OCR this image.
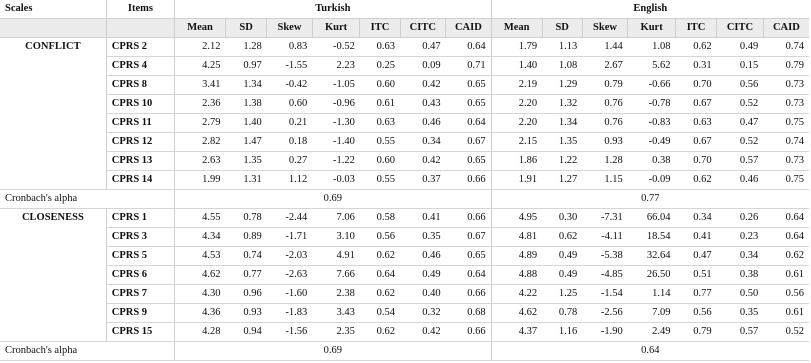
Scales	Items	Turkish							English						
		Mean	SD	Skew	Kurt	ITC	CITC	CAID	Mean	SD	Skew	Kurt	ITC	CITC	CAID
CONFLICT	CPRS 2	2.12	1.28	0.83	-0.52	0.63	0.47	0.64	1.79	1.13	1.44	1.08	0.62	0.49	0.74
	CPRS 4	4.25	0.97	-1.55	2.23	0.25	0.09	0.71	1.40	1.08	2.67	5.62	0.31	0.15	0.79
	CPRS 8	3.41	1.34	-0.42	-1.05	0.60	0.42	0.65	2.19	1.29	0.79	-0.66	0.70	0.56	0.73
	CPRS 10	2.36	1.38	0.60	-0.96	0.61	0.43	0.65	2.20	1.32	0.76	-0.78	0.67	0.52	0.73
	CPRS 11	2.79	1.40	0.21	-1.30	0.63	0.46	0.64	2.20	1.34	0.76	-0.83	0.63	0.47	0.75
	CPRS 12	2.82	1.47	0.18	-1.40	0.55	0.34	0.67	2.15	1.35	0.93	-0.49	0.67	0.52	0.74
	CPRS 13	2.63	1.35	0.27	-1.22	0.60	0.42	0.65	1.86	1.22	1.28	0.38	0.70	0.57	0.73
	CPRS 14	1.99	1.31	1.12	-0.03	0.55	0.37	0.66	1.91	1.27	1.15	-0.09	0.62	0.46	0.75
Cronbach's alpha		0.69							0.77						
CLOSENESS	CPRS 1	4.55	0.78	-2.44	7.06	0.58	0.41	0.66	4.95	0.30	-7.31	66.04	0.34	0.26	0.64
	CPRS 3	4.34	0.89	-1.71	3.10	0.56	0.35	0.67	4.81	0.62	-4.11	18.54	0.41	0.23	0.64
	CPRS 5	4.53	0.74	-2.03	4.91	0.62	0.46	0.65	4.89	0.49	-5.38	32.64	0.47	0.34	0.62
	CPRS 6	4.62	0.77	-2.63	7.66	0.64	0.49	0.64	4.88	0.49	-4.85	26.50	0.51	0.38	0.61
	CPRS 7	4.30	0.96	-1.60	2.38	0.62	0.40	0.66	4.22	1.25	-1.54	1.14	0.77	0.50	0.56
	CPRS 9	4.36	0.93	-1.83	3.43	0.54	0.32	0.68	4.62	0.78	-2.56	7.09	0.56	0.35	0.61
	CPRS 15	4.28	0.94	-1.56	2.35	0.62	0.42	0.66	4.37	1.16	-1.90	2.49	0.79	0.57	0.52
Cronbach's alpha		0.69							0.64						
